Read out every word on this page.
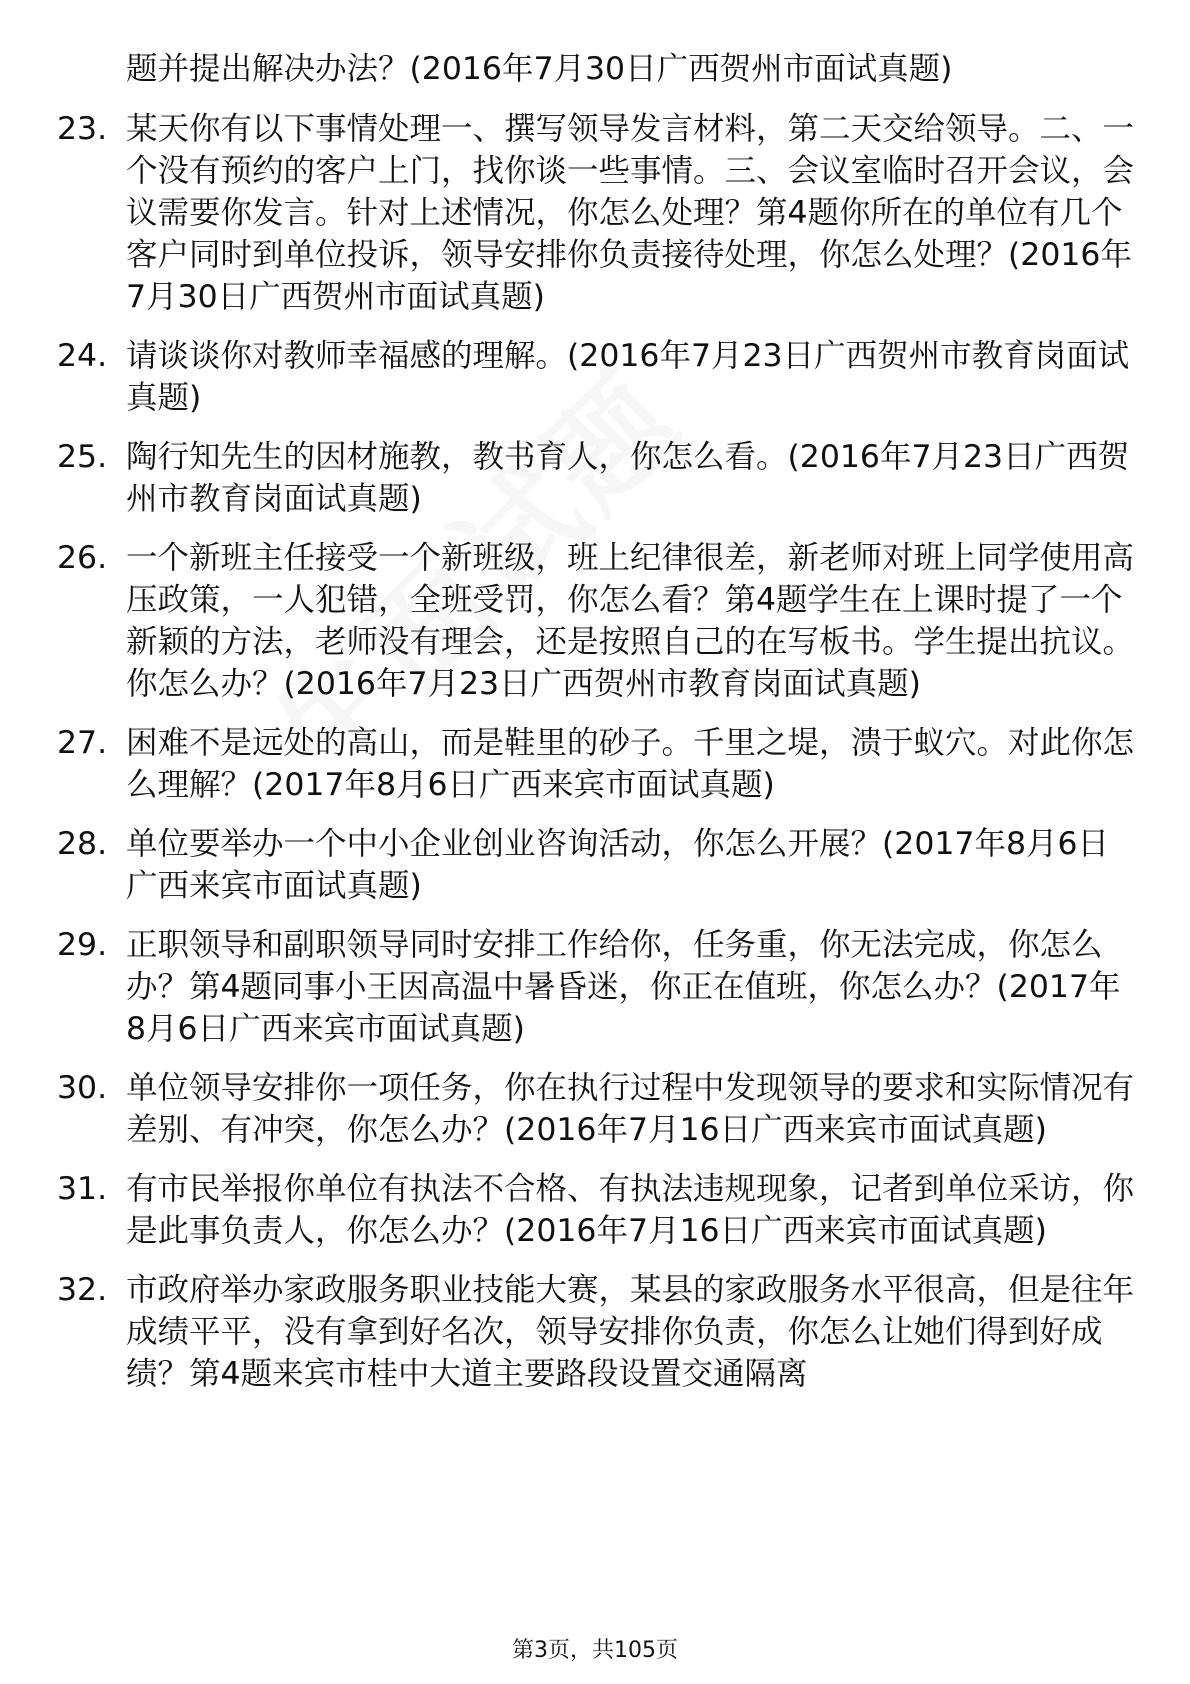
题并提出解决办法？(2016年7月30日广西贺州市面试真题)
23. 某天你有以下事情处理一、撰写领导发言材料，第二天交给领导。二、一个没有预约的客户上门，找你谈一些事情。三、会议室临时召开会议，会议需要你发言。针对上述情况，你怎么处理？第4题你所在的单位有几个客户同时到单位投诉，领导安排你负责接待处理，你怎么处理？(2016年7月30日广西贺州市面试真题)
24. 请谈谈你对教师幸福感的理解。(2016年7月23日广西贺州市教育岗面试真题)
25. 陶行知先生的因材施教，教书育人，你怎么看。(2016年7月23日广西贺州市教育岗面试真题)
26. 一个新班主任接受一个新班级，班上纪律很差，新老师对班上同学使用高压政策，一人犯错，全班受罚，你怎么看？第4题学生在上课时提了一个新颖的方法，老师没有理会，还是按照自己的在写板书。学生提出抗议。你怎么办？(2016年7月23日广西贺州市教育岗面试真题)
27. 困难不是远处的高山，而是鞋里的砂子。千里之堤，溃于蚁穴。对此你怎么理解？(2017年8月6日广西来宾市面试真题)
28. 单位要举办一个中小企业创业咨询活动，你怎么开展？(2017年8月6日广西来宾市面试真题)
29. 正职领导和副职领导同时安排工作给你，任务重，你无法完成，你怎么办？第4题同事小王因高温中暑昏迷，你正在值班，你怎么办？(2017年8月6日广西来宾市面试真题)
30. 单位领导安排你一项任务，你在执行过程中发现领导的要求和实际情况有差别、有冲突，你怎么办？(2016年7月16日广西来宾市面试真题)
31. 有市民举报你单位有执法不合格、有执法违规现象，记者到单位采访，你是此事负责人，你怎么办？(2016年7月16日广西来宾市面试真题)
32. 市政府举办家政服务职业技能大赛，某县的家政服务水平很高，但是往年成绩平平，没有拿到好名次，领导安排你负责，你怎么让她们得到好成绩？第4题来宾市桂中大道主要路段设置交通隔离
第3页，共105页
